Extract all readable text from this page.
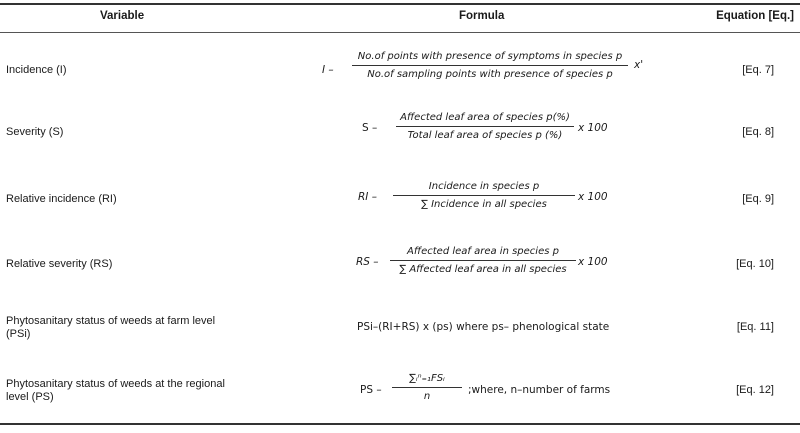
Variable	Formula	Equation [Eq.]
Incidence (I)	I –
No.of points with presence of symptoms in species p
No.of sampling points with presence of species p
x'	[Eq. 7]
Severity (S)	S –
Affected leaf area of species p(%)
Total leaf area of species p (%)
x 100	[Eq. 8]
Relative incidence (RI)	RI –
Incidence in species p
∑ Incidence in all species
x 100	[Eq. 9]
Relative severity (RS)	RS –
Affected leaf area in species p
∑ Affected leaf area in all species
x 100	[Eq. 10]
Phytosanitary status of weeds at farm level
(PSi)
PSi–(RI+RS) x (ps) where ps– phenological state	[Eq. 11]
Phytosanitary status of weeds at the regional
level (PS)
PS –
∑ᵢⁿ₌₁FSᵢ
n
;where, n–number of farms	[Eq. 12]
